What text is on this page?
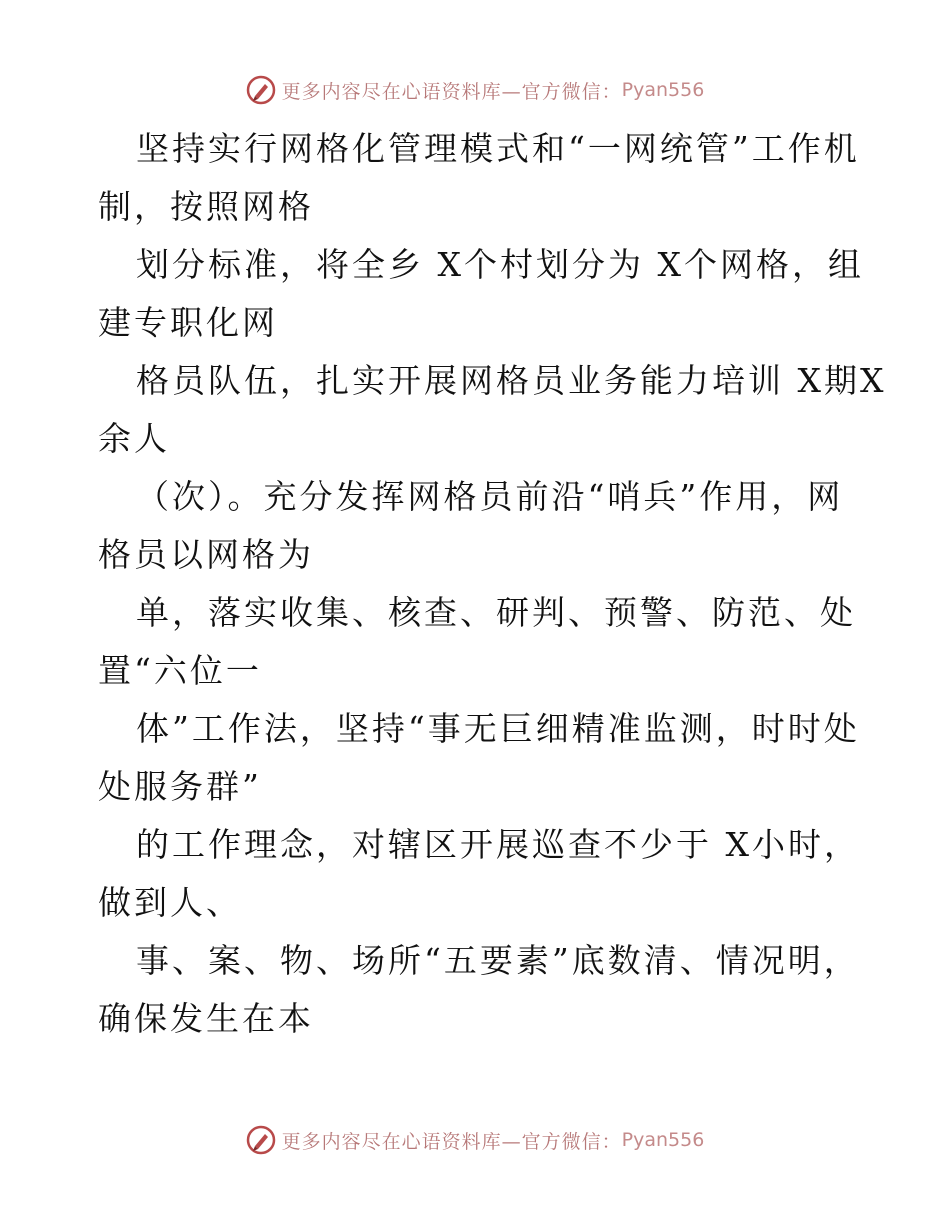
更多内容尽在心语资料库—官方微信： Pyan556
坚持实行网格化管理模式和“一网统管”工作机
制，按照网格
划分标准，将全乡 X个村划分为 X个网格，组
建专职化网
格员队伍，扎实开展网格员业务能力培训 X期X
余人
（次）。充分发挥网格员前沿“哨兵”作用，网
格员以网格为
单，落实收集、核查、研判、预警、防范、处
置“六位一
体”工作法，坚持“事无巨细精准监测，时时处
处服务群”
的工作理念，对辖区开展巡查不少于 X小时，
做到人、
事、案、物、场所“五要素”底数清、情况明，
确保发生在本
更多内容尽在心语资料库—官方微信： Pyan556
